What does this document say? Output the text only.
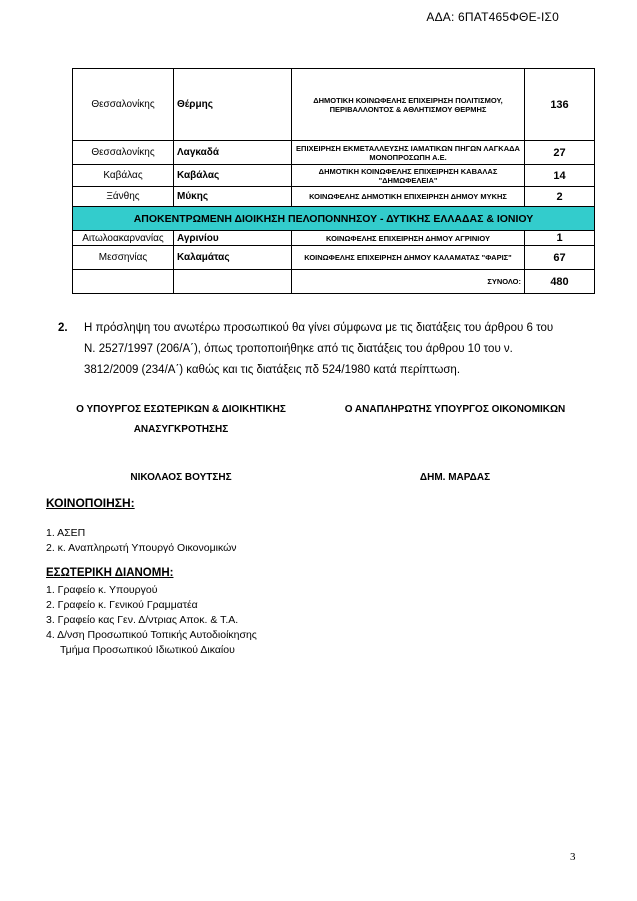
ΑΔΑ: 6ΠΑΤ465ΦΘΕ-ΙΣ0
Θεσσαλονίκης	Θέρμης	ΔΗΜΟΤΙΚΗ ΚΟΙΝΩΦΕΛΗΣ ΕΠΙΧΕΙΡΗΣΗ ΠΟΛΙΤΙΣΜΟΥ, ΠΕΡΙΒΑΛΛΟΝΤΟΣ & ΑΘΛΗΤΙΣΜΟΥ ΘΕΡΜΗΣ	136
Θεσσαλονίκης	Λαγκαδά	ΕΠΙΧΕΙΡΗΣΗ ΕΚΜΕΤΑΛΛΕΥΣΗΣ ΙΑΜΑΤΙΚΩΝ ΠΗΓΩΝ ΛΑΓΚΑΔΑ ΜΟΝΟΠΡΟΣΩΠΗ Α.Ε.	27
Καβάλας	Καβάλας	ΔΗΜΟΤΙΚΗ ΚΟΙΝΩΦΕΛΗΣ ΕΠΙΧΕΙΡΗΣΗ ΚΑΒΑΛΑΣ "ΔΗΜΩΦΕΛΕΙΑ"	14
Ξάνθης	Μύκης	ΚΟΙΝΩΦΕΛΗΣ ΔΗΜΟΤΙΚΗ ΕΠΙΧΕΙΡΗΣΗ ΔΗΜΟΥ ΜΥΚΗΣ	2
ΑΠΟΚΕΝΤΡΩΜΕΝΗ ΔΙΟΙΚΗΣΗ ΠΕΛΟΠΟΝΝΗΣΟΥ - ΔΥΤΙΚΗΣ ΕΛΛΑΔΑΣ & ΙΟΝΙΟΥ			
Αιτωλοακαρνανίας	Αγρινίου	ΚΟΙΝΩΦΕΛΗΣ ΕΠΙΧΕΙΡΗΣΗ ΔΗΜΟΥ ΑΓΡΙΝΙΟΥ	1
Μεσσηνίας	Καλαμάτας	ΚΟΙΝΩΦΕΛΗΣ ΕΠΙΧΕΙΡΗΣΗ ΔΗΜΟΥ ΚΑΛΑΜΑΤΑΣ "ΦΑΡΙΣ"	67
		ΣΥΝΟΛΟ:	480
2. Η πρόσληψη του ανωτέρω προσωπικού θα γίνει σύμφωνα με τις διατάξεις του άρθρου 6 του
Ν. 2527/1997 (206/Α΄), όπως τροποποιήθηκε από τις διατάξεις του άρθρου 10 του ν.
3812/2009 (234/Α΄) καθώς και τις διατάξεις πδ 524/1980 κατά περίπτωση.
Ο ΥΠΟΥΡΓΟΣ ΕΣΩΤΕΡΙΚΩΝ & ΔΙΟΙΚΗΤΙΚΗΣ
ΑΝΑΣΥΓΚΡΟΤΗΣΗΣ
Ο ΑΝΑΠΛΗΡΩΤΗΣ ΥΠΟΥΡΓΟΣ ΟΙΚΟΝΟΜΙΚΩΝ
ΝΙΚΟΛΑΟΣ ΒΟΥΤΣΗΣ	ΔΗΜ. ΜΑΡΔΑΣ
ΚΟΙΝΟΠΟΙΗΣΗ:
1. ΑΣΕΠ
2. κ. Αναπληρωτή Υπουργό Οικονομικών
ΕΣΩΤΕΡΙΚΗ ΔΙΑΝΟΜΗ:
1. Γραφείο κ. Υπουργού
2. Γραφείο κ. Γενικού Γραμματέα
3. Γραφείο κας Γεν. Δ/ντριας Αποκ. & Τ.Α.
4. Δ/νση Προσωπικού Τοπικής Αυτοδιοίκησης
Τμήμα Προσωπικού Ιδιωτικού Δικαίου
3
